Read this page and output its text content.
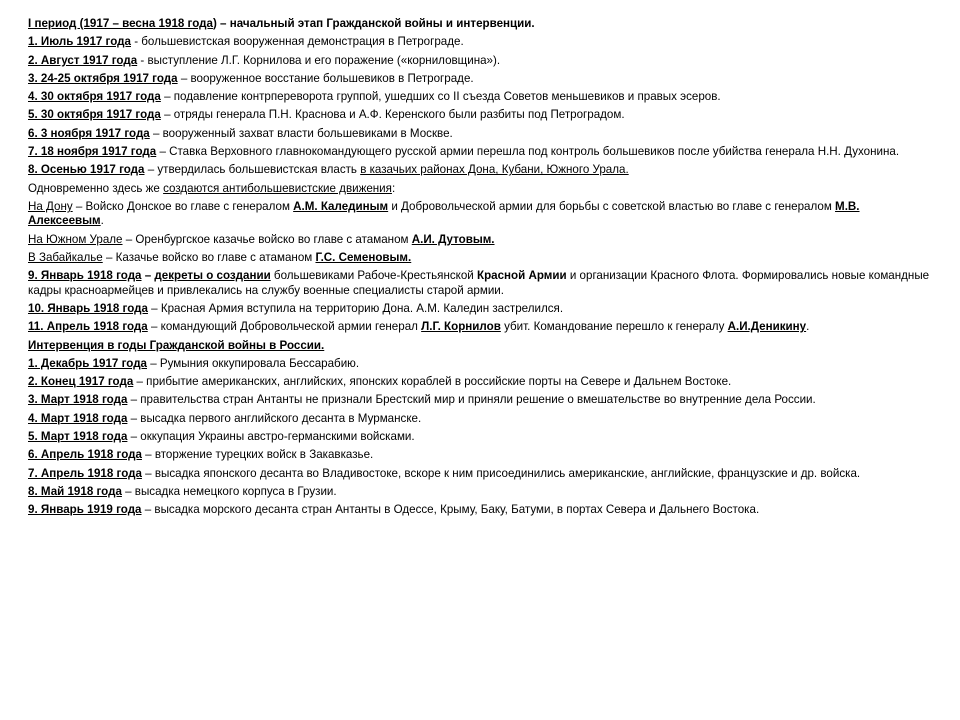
I период (1917 – весна 1918 года) – начальный этап Гражданской войны и интервенции.
1. Июль 1917 года - большевистская вооруженная демонстрация в Петрограде.
2. Август 1917 года - выступление Л.Г. Корнилова и его поражение («корниловщина»).
3. 24-25 октября 1917 года – вооруженное восстание большевиков в Петрограде.
4. 30 октября 1917 года – подавление контрпереворота группой, ушедших со II съезда Советов меньшевиков и правых эсеров.
5. 30 октября 1917 года – отряды генерала П.Н. Краснова и А.Ф. Керенского были разбиты под Петроградом.
6. 3 ноября 1917 года – вооруженный захват власти большевиками в Москве.
7. 18 ноября 1917 года – Ставка Верховного главнокомандующего русской армии перешла под контроль большевиков после убийства генерала Н.Н. Духонина.
8. Осенью 1917 года – утвердилась большевистская власть в казачьих районах Дона, Кубани, Южного Урала.
Одновременно здесь же создаются антибольшевистские движения:
На Дону – Войско Донское во главе с генералом А.М. Калединым и Добровольческой армии для борьбы с советской властью во главе с генералом М.В. Алексеевым.
На Южном Урале – Оренбургское казачье войско во главе с атаманом А.И. Дутовым.
В Забайкалье – Казачье войско во главе с атаманом Г.С. Семеновым.
9. Январь 1918 года – декреты о создании большевиками Рабоче-Крестьянской Красной Армии и организации Красного Флота. Формировались новые командные кадры красноармейцев и привлекались на службу военные специалисты старой армии.
10. Январь 1918 года – Красная Армия вступила на территорию Дона. А.М. Каледин застрелился.
11. Апрель 1918 года – командующий Добровольческой армии генерал Л.Г. Корнилов убит. Командование перешло к генералу А.И.Деникину.
Интервенция в годы Гражданской войны в России.
1. Декабрь 1917 года – Румыния оккупировала Бессарабию.
2. Конец 1917 года – прибытие американских, английских, японских кораблей в российские порты на Севере и Дальнем Востоке.
3. Март 1918 года – правительства стран Антанты не признали Брестский мир и приняли решение о вмешательстве во внутренние дела России.
4. Март 1918 года – высадка первого английского десанта в Мурманске.
5. Март 1918 года – оккупация Украины австро-германскими войсками.
6. Апрель 1918 года – вторжение турецких войск в Закавказье.
7. Апрель 1918 года – высадка японского десанта во Владивостоке, вскоре к ним присоединились американские, английские, французские и др. войска.
8. Май 1918 года – высадка немецкого корпуса в Грузии.
9. Январь 1919 года – высадка морского десанта стран Антанты в Одессе, Крыму, Баку, Батуми, в портах Севера и Дальнего Востока.
